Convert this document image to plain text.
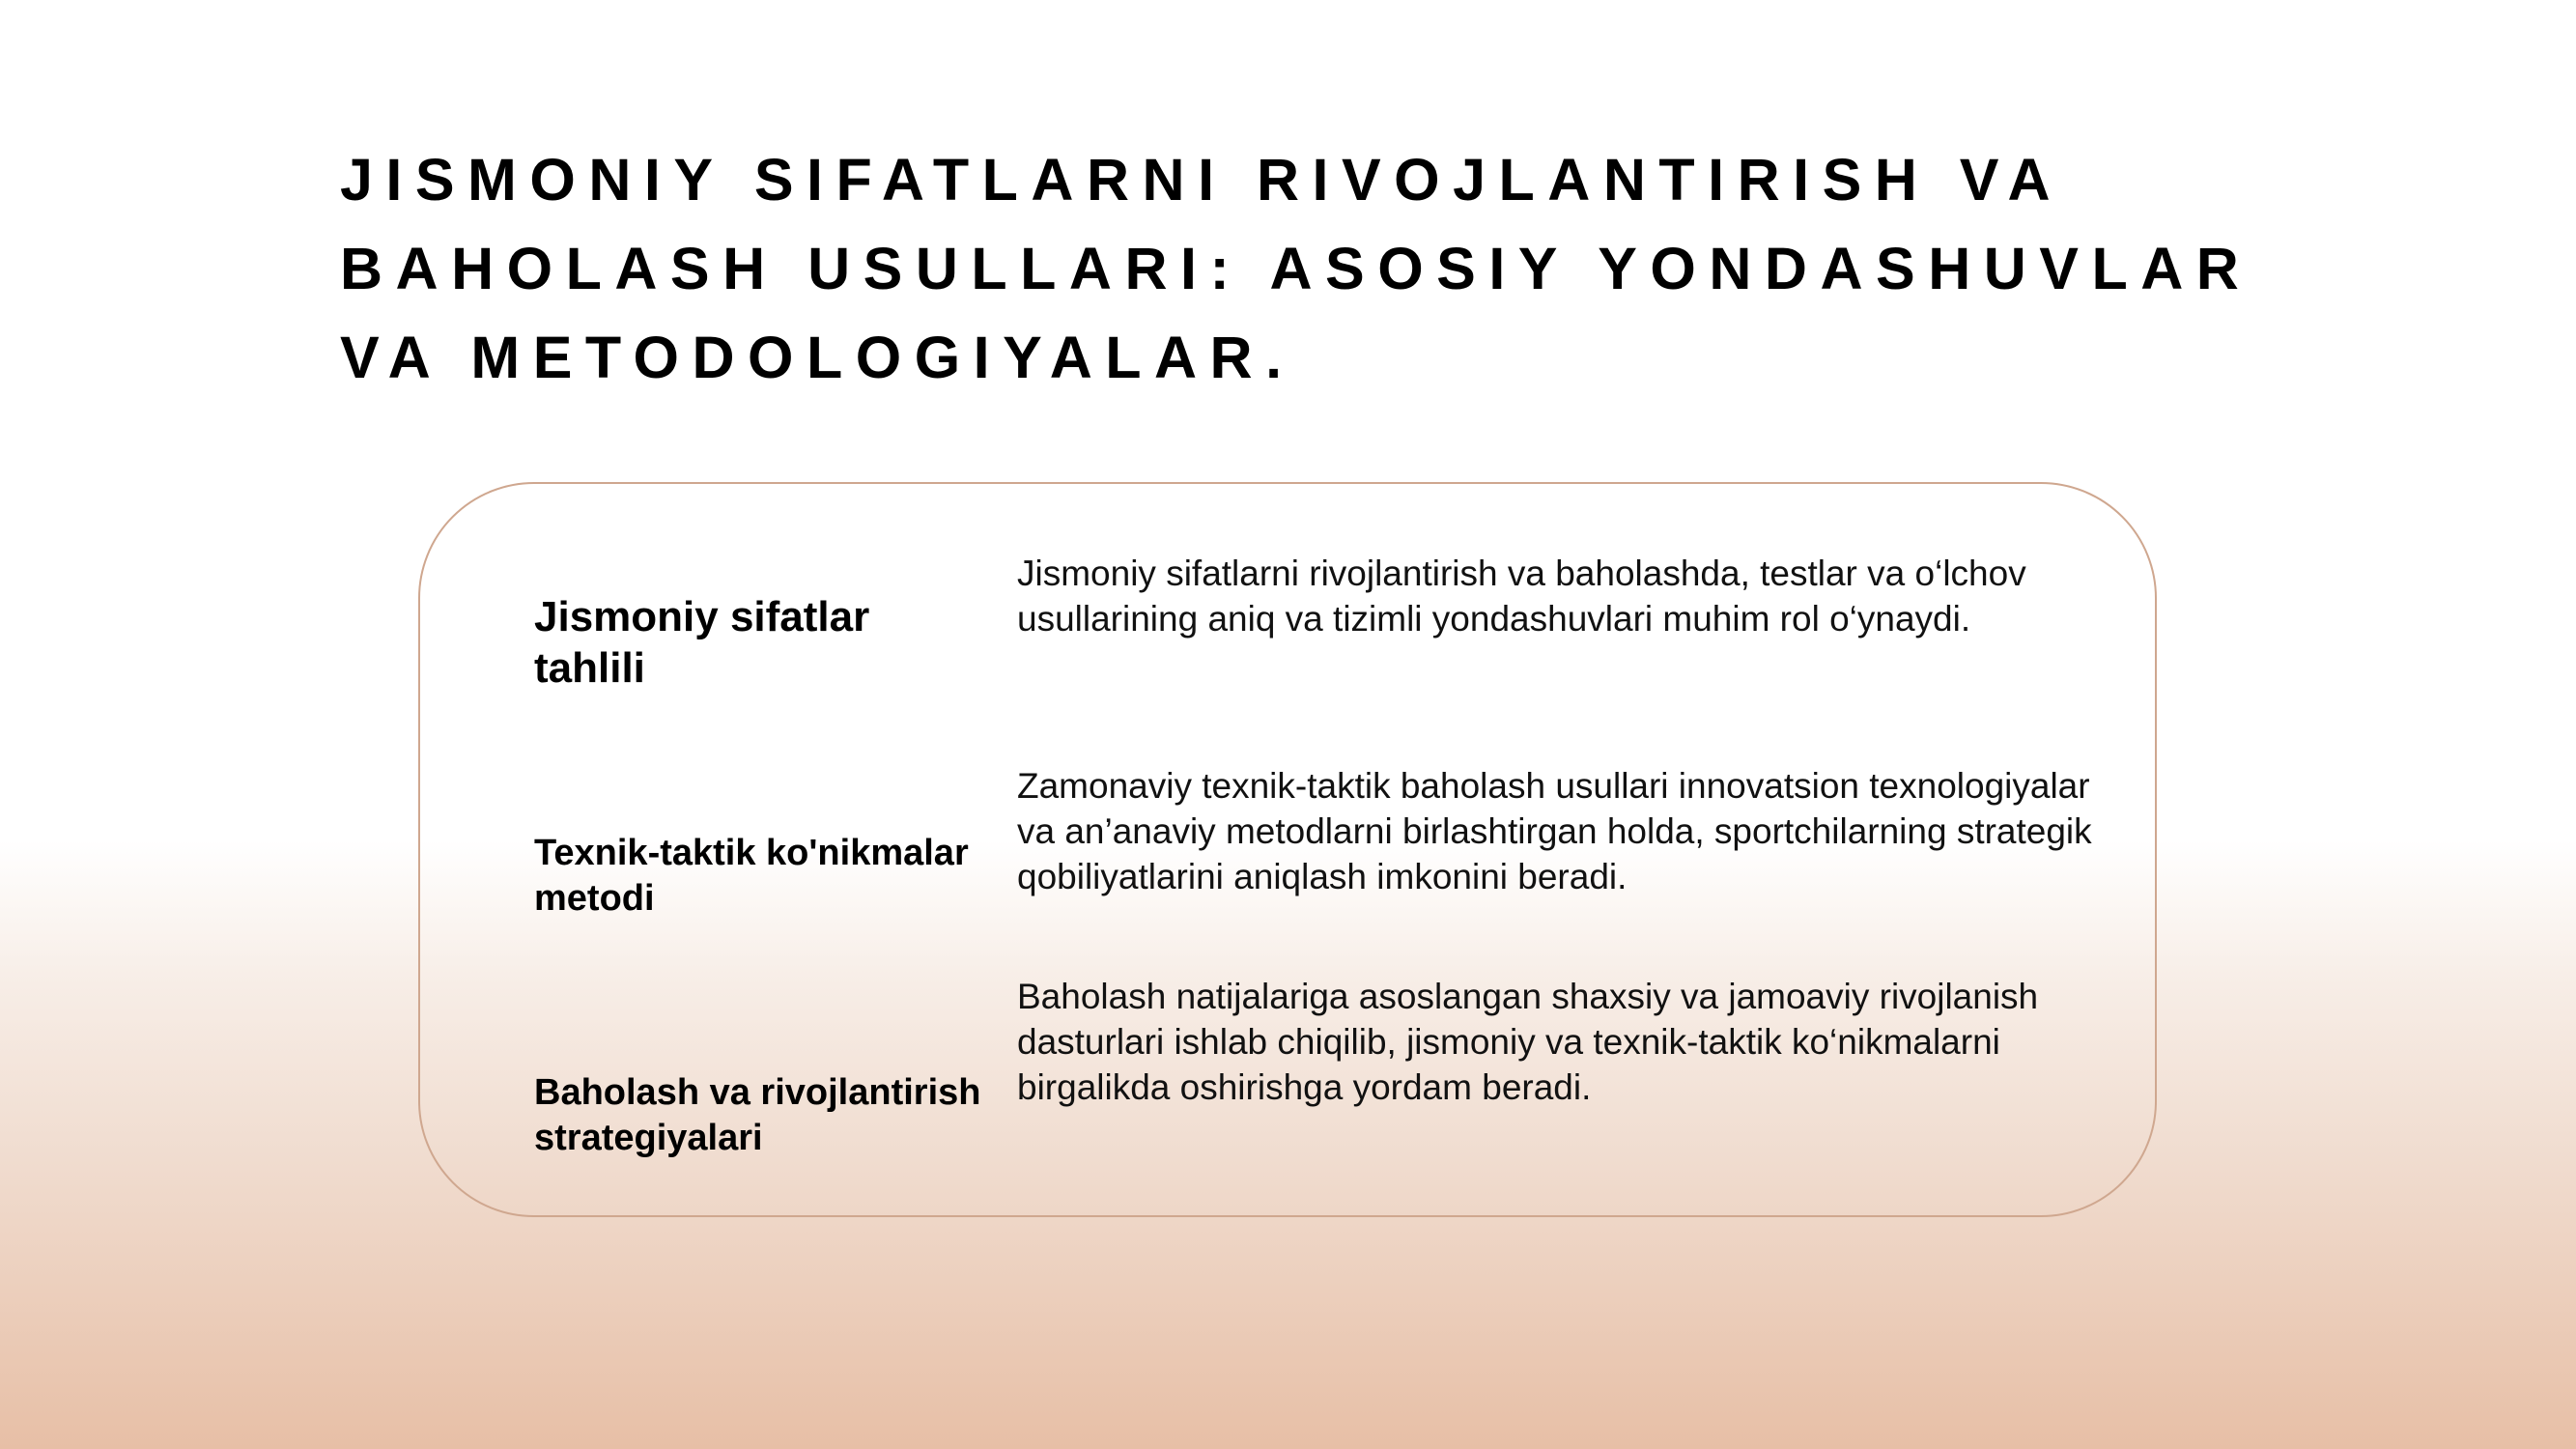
JISMONIY SIFATLARNI RIVOJLANTIRISH VA BAHOLASH USULLARI: ASOSIY YONDASHUVLAR VA METODOLOGIYALAR.

Jismoniy sifatlar tahlili

Jismoniy sifatlarni rivojlantirish va baholashda, testlar va o‘lchov usullarining aniq va tizimli yondashuvlari muhim rol o‘ynaydi.

Texnik-taktik ko'nikmalar metodi

Zamonaviy texnik-taktik baholash usullari innovatsion texnologiyalar va an’anaviy metodlarni birlashtirgan holda, sportchilarning strategik qobiliyatlarini aniqlash imkonini beradi.

Baholash va rivojlantirish strategiyalari

Baholash natijalariga asoslangan shaxsiy va jamoaviy rivojlanish dasturlari ishlab chiqilib, jismoniy va texnik-taktik ko‘nikmalarni birgalikda oshirishga yordam beradi.
